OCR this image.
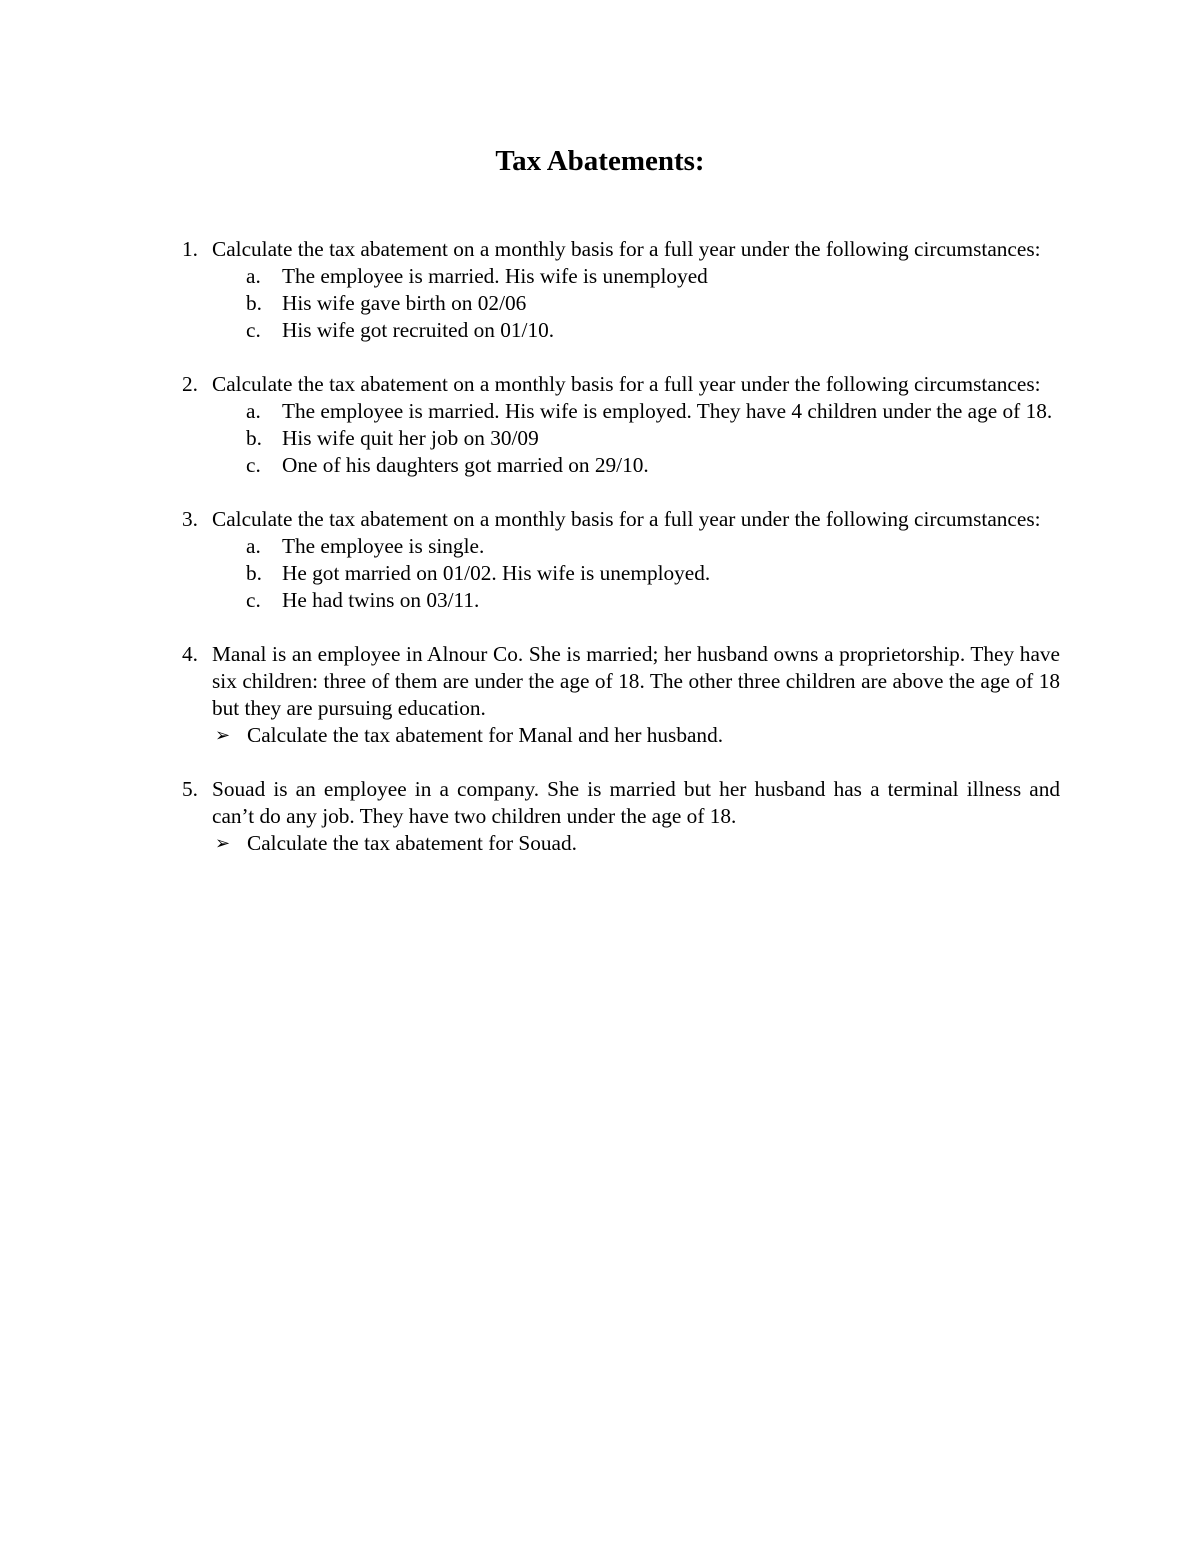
Tax Abatements:
1. Calculate the tax abatement on a monthly basis for a full year under the following circumstances:
a. The employee is married. His wife is unemployed
b. His wife gave birth on 02/06
c. His wife got recruited on 01/10.
2. Calculate the tax abatement on a monthly basis for a full year under the following circumstances:
a. The employee is married. His wife is employed. They have 4 children under the age of 18.
b. His wife quit her job on 30/09
c. One of his daughters got married on 29/10.
3. Calculate the tax abatement on a monthly basis for a full year under the following circumstances:
a. The employee is single.
b. He got married on 01/02. His wife is unemployed.
c. He had twins on 03/11.
4. Manal is an employee in Alnour Co. She is married; her husband owns a proprietorship. They have six children: three of them are under the age of 18. The other three children are above the age of 18 but they are pursuing education.
➢ Calculate the tax abatement for Manal and her husband.
5. Souad is an employee in a company. She is married but her husband has a terminal illness and can’t do any job. They have two children under the age of 18.
➢ Calculate the tax abatement for Souad.
